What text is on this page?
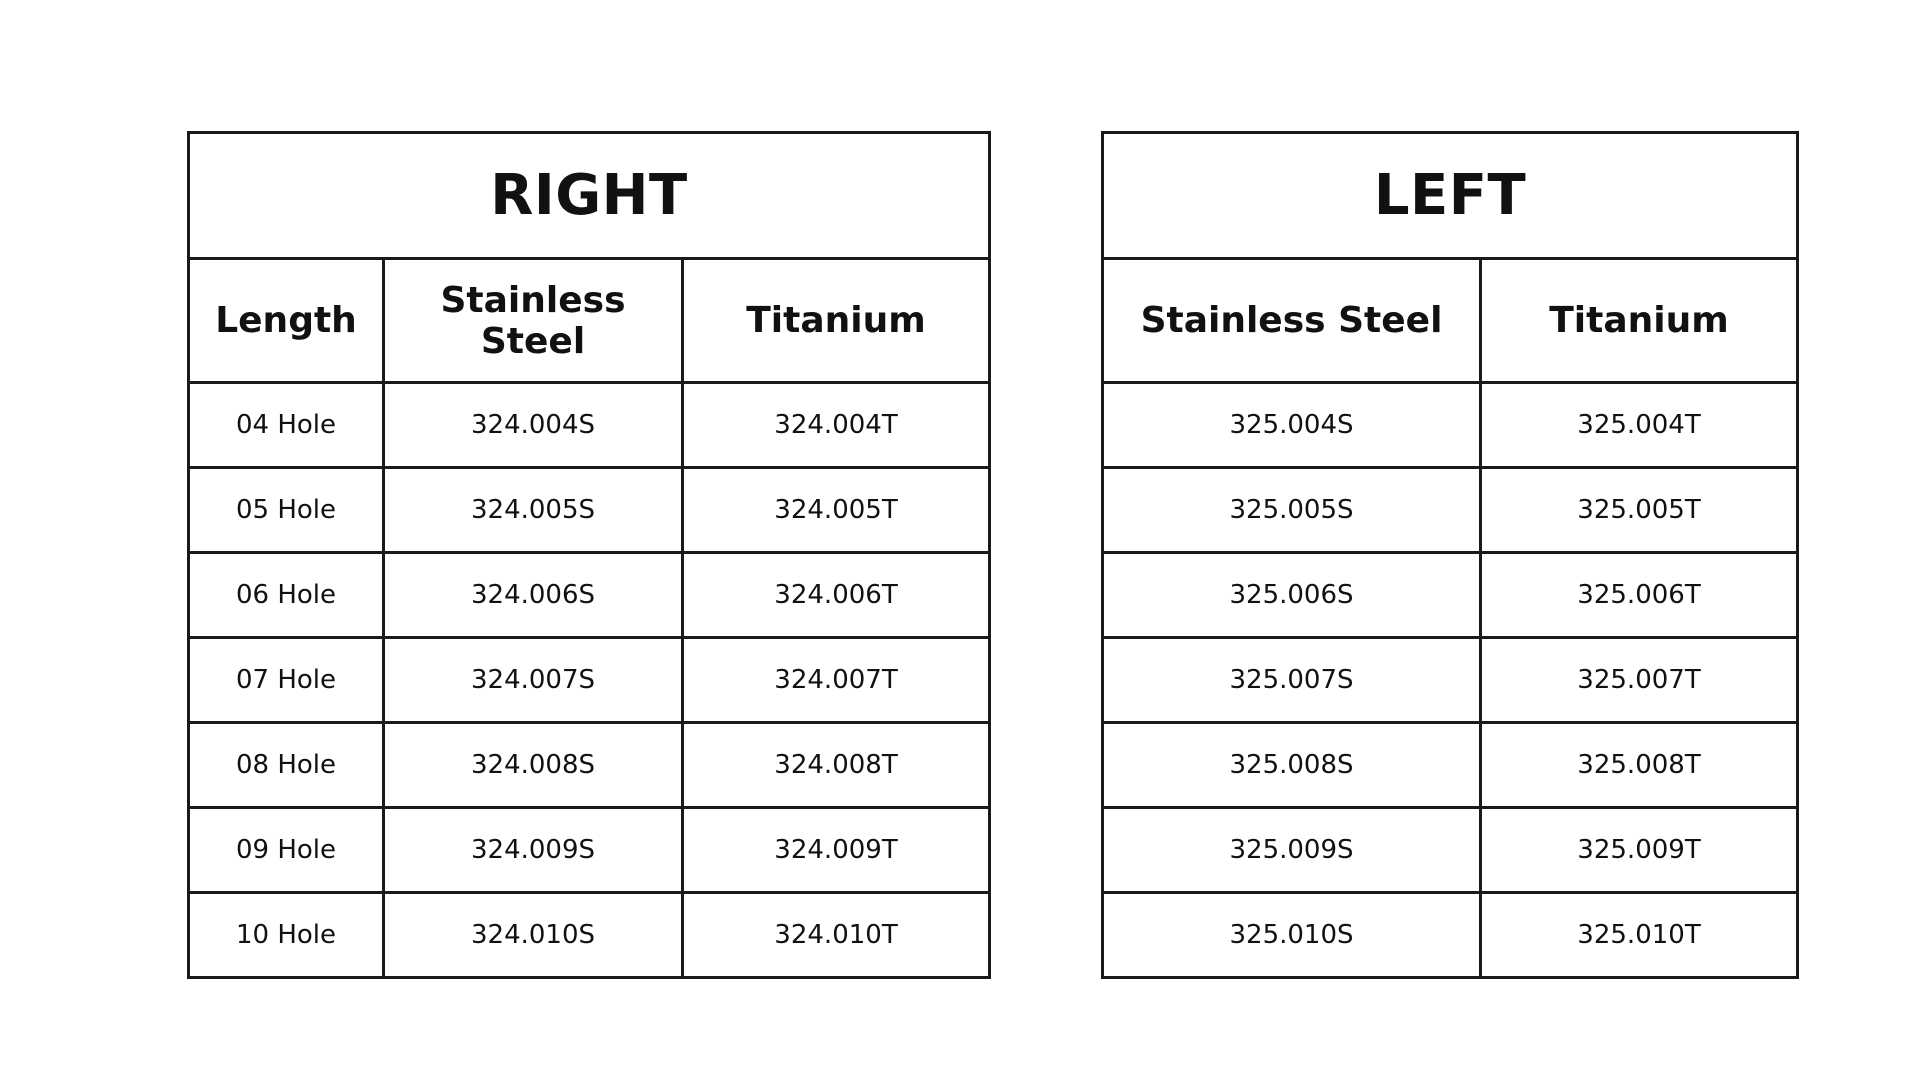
RIGHT		
Length	Stainless Steel	Titanium
04 Hole	324.004S	324.004T
05 Hole	324.005S	324.005T
06 Hole	324.006S	324.006T
07 Hole	324.007S	324.007T
08 Hole	324.008S	324.008T
09 Hole	324.009S	324.009T
10 Hole	324.010S	324.010T
LEFT	
Stainless Steel	Titanium
325.004S	325.004T
325.005S	325.005T
325.006S	325.006T
325.007S	325.007T
325.008S	325.008T
325.009S	325.009T
325.010S	325.010T
